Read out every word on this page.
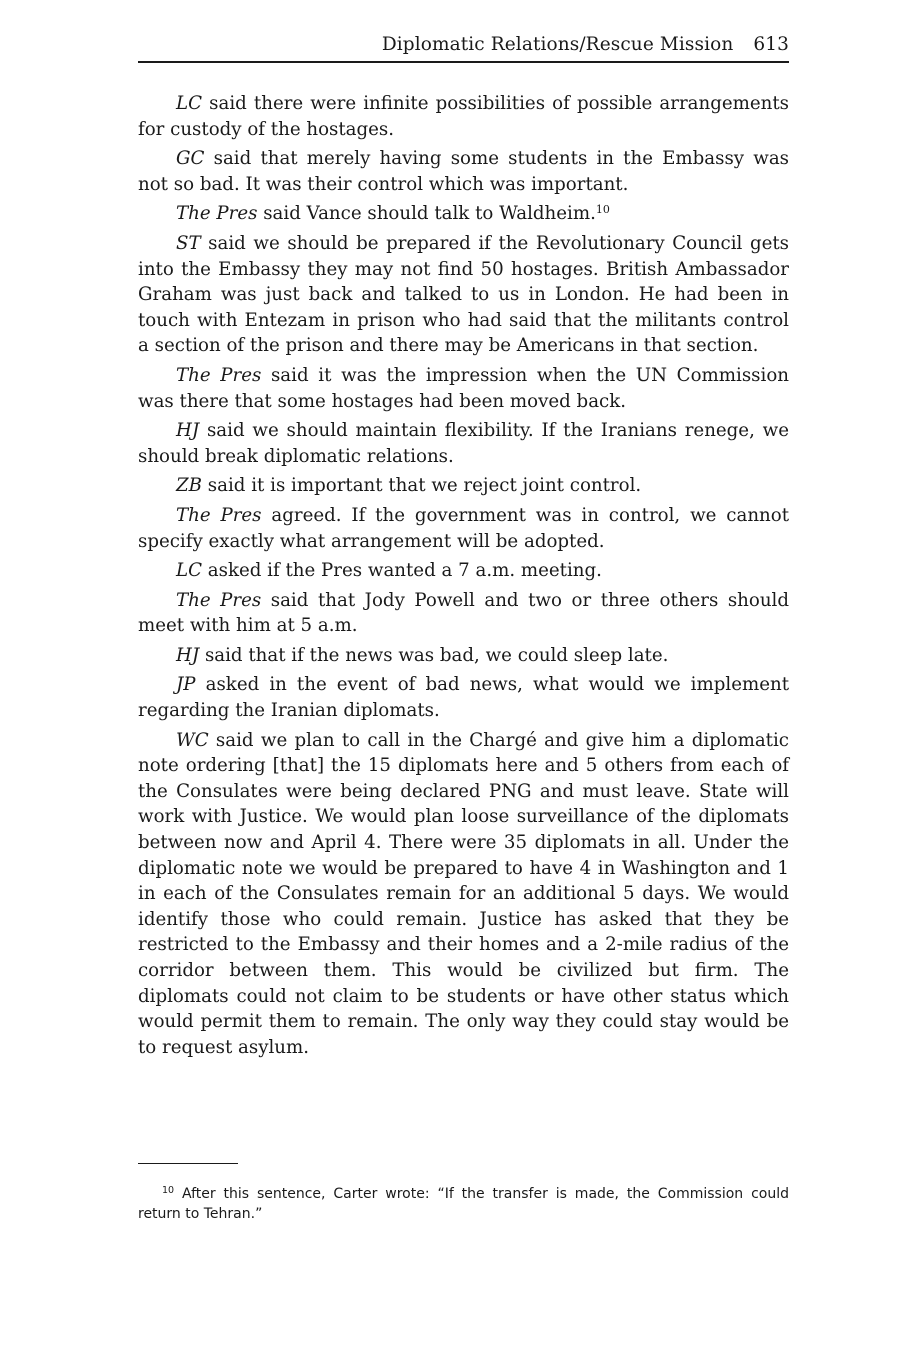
Diplomatic Relations/Rescue Mission 613

LC said there were infinite possibilities of possible arrangements for custody of the hostages.

GC said that merely having some students in the Embassy was not so bad. It was their control which was important.

The Pres said Vance should talk to Waldheim.$^{10}$

ST said we should be prepared if the Revolutionary Council gets into the Embassy they may not find 50 hostages. British Ambassador Graham was just back and talked to us in London. He had been in touch with Entezam in prison who had said that the militants control a section of the prison and there may be Americans in that section.

The Pres said it was the impression when the UN Commission was there that some hostages had been moved back.

HJ said we should maintain flexibility. If the Iranians renege, we should break diplomatic relations.

ZB said it is important that we reject joint control.

The Pres agreed. If the government was in control, we cannot specify exactly what arrangement will be adopted.

LC asked if the Pres wanted a 7 a.m. meeting.

The Pres said that Jody Powell and two or three others should meet with him at 5 a.m.

HJ said that if the news was bad, we could sleep late.

JP asked in the event of bad news, what would we implement regarding the Iranian diplomats.

WC said we plan to call in the Chargé and give him a diplomatic note ordering [that] the 15 diplomats here and 5 others from each of the Consulates were being declared PNG and must leave. State will work with Justice. We would plan loose surveillance of the diplomats between now and April 4. There were 35 diplomats in all. Under the diplomatic note we would be prepared to have 4 in Washington and 1 in each of the Consulates remain for an additional 5 days. We would identify those who could remain. Justice has asked that they be restricted to the Embassy and their homes and a 2-mile radius of the corridor between them. This would be civilized but firm. The diplomats could not claim to be students or have other status which would permit them to remain. The only way they could stay would be to request asylum.

$^{10}$ After this sentence, Carter wrote: “If the transfer is made, the Commission could return to Tehran.”
